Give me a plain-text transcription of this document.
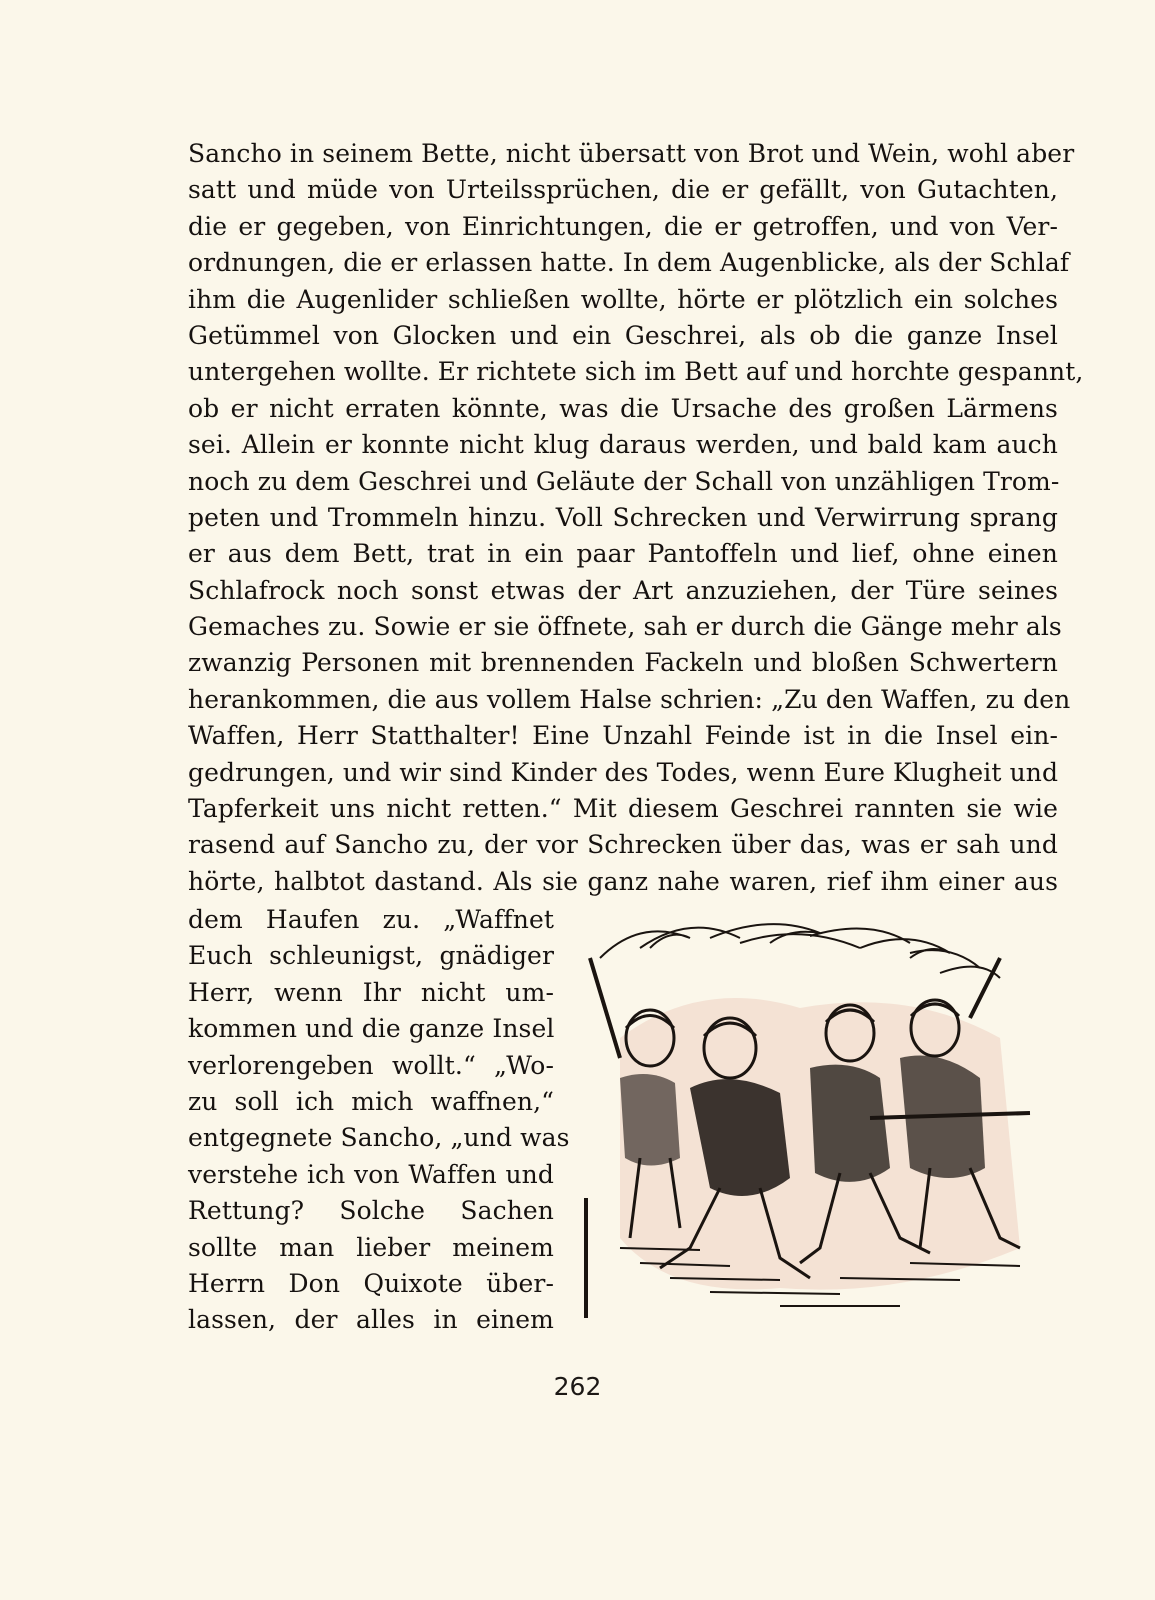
Sancho in seinem Bette, nicht übersatt von Brot und Wein, wohl aber
satt und müde von Urteilssprüchen, die er gefällt, von Gutachten,
die er gegeben, von Einrichtungen, die er getroffen, und von Ver-
ordnungen, die er erlassen hatte. In dem Augenblicke, als der Schlaf
ihm die Augenlider schließen wollte, hörte er plötzlich ein solches
Getümmel von Glocken und ein Geschrei, als ob die ganze Insel
untergehen wollte. Er richtete sich im Bett auf und horchte gespannt,
ob er nicht erraten könnte, was die Ursache des großen Lärmens
sei. Allein er konnte nicht klug daraus werden, und bald kam auch
noch zu dem Geschrei und Geläute der Schall von unzähligen Trom-
peten und Trommeln hinzu. Voll Schrecken und Verwirrung sprang
er aus dem Bett, trat in ein paar Pantoffeln und lief, ohne einen
Schlafrock noch sonst etwas der Art anzuziehen, der Türe seines
Gemaches zu. Sowie er sie öffnete, sah er durch die Gänge mehr als
zwanzig Personen mit brennenden Fackeln und bloßen Schwertern
herankommen, die aus vollem Halse schrien: „Zu den Waffen, zu den
Waffen, Herr Statthalter! Eine Unzahl Feinde ist in die Insel ein-
gedrungen, und wir sind Kinder des Todes, wenn Eure Klugheit und
Tapferkeit uns nicht retten.“ Mit diesem Geschrei rannten sie wie
rasend auf Sancho zu, der vor Schrecken über das, was er sah und
hörte, halbtot dastand. Als sie ganz nahe waren, rief ihm einer aus
dem Haufen zu. „Waffnet
Euch schleunigst, gnädiger
Herr, wenn Ihr nicht um-
kommen und die ganze Insel
verlorengeben wollt.“ „Wo-
zu soll ich mich waffnen,“
entgegnete Sancho, „und was
verstehe ich von Waffen und
Rettung? Solche Sachen
sollte man lieber meinem
Herrn Don Quixote über-
lassen, der alles in einem
262
